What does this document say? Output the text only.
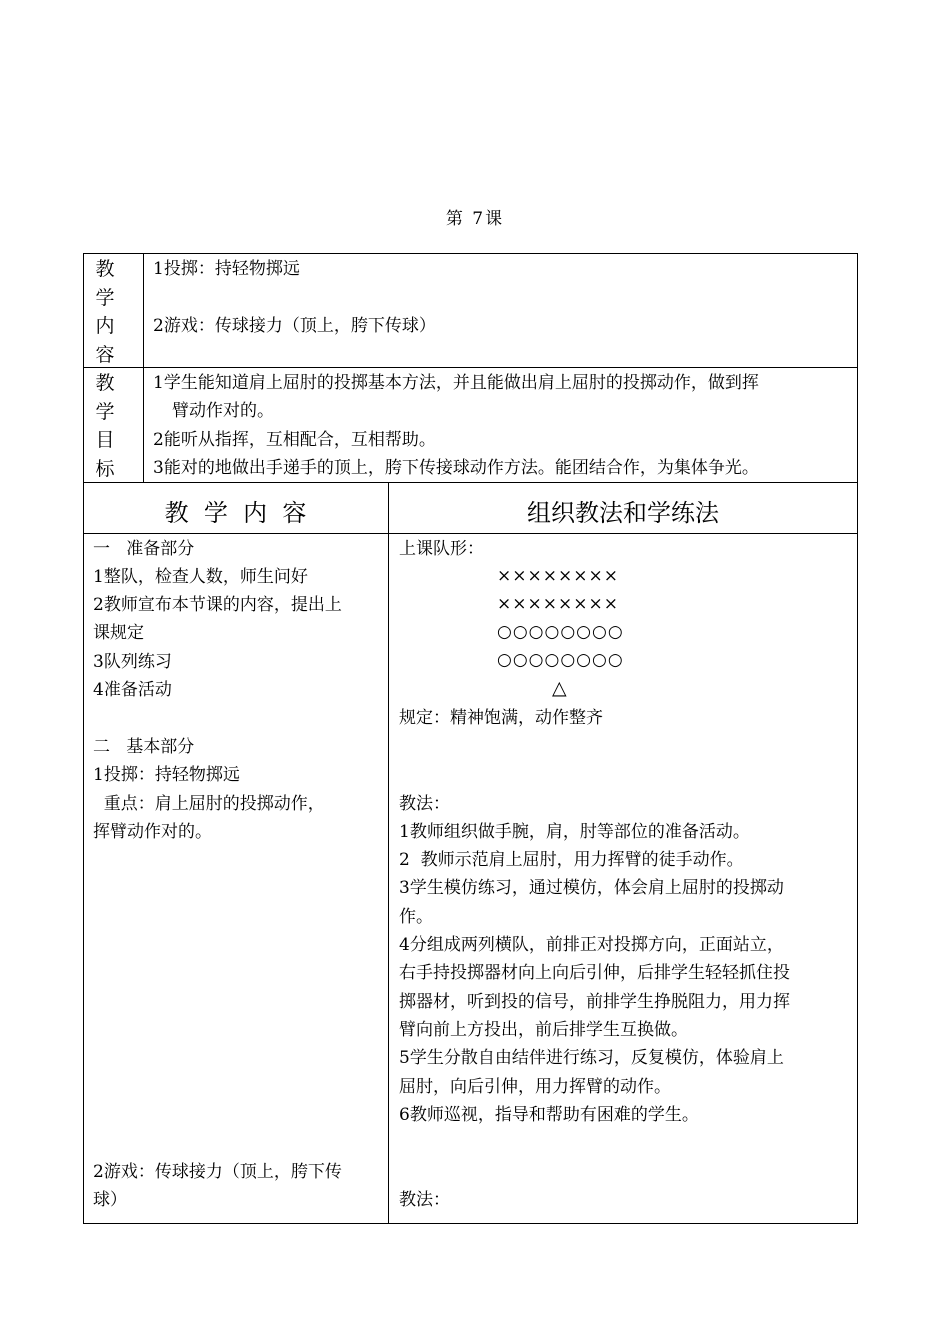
第 7课
教
学
内
容
1投掷：持轻物掷远
2游戏：传球接力（顶上，胯下传球）
教
学
目
标
1学生能知道肩上屈肘的投掷基本方法，并且能做出肩上屈肘的投掷动作，做到挥
臂动作对的。
2能听从指挥，互相配合，互相帮助。
3能对的地做出手递手的顶上，胯下传接球动作方法。能团结合作，为集体争光。
教  学  内  容	组织教法和学练法
一   准备部分
1整队，检查人数，师生问好
2教师宣布本节课的内容，提出上
课规定
3队列练习
4准备活动
二   基本部分
1投掷：持轻物掷远
重点：肩上屈肘的投掷动作，
挥臂动作对的。
2游戏：传球接力（顶上，胯下传
球）
上课队形：
××××××××
××××××××
○○○○○○○○
○○○○○○○○
△
规定：精神饱满，动作整齐
教法：
1教师组织做手腕，肩，肘等部位的准备活动。
2  教师示范肩上屈肘，用力挥臂的徒手动作。
3学生模仿练习，通过模仿，体会肩上屈肘的投掷动
作。
4分组成两列横队，前排正对投掷方向，正面站立，
右手持投掷器材向上向后引伸，后排学生轻轻抓住投
掷器材，听到投的信号，前排学生挣脱阻力，用力挥
臂向前上方投出，前后排学生互换做。
5学生分散自由结伴进行练习，反复模仿，体验肩上
屈肘，向后引伸，用力挥臂的动作。
6教师巡视，指导和帮助有困难的学生。
教法：
